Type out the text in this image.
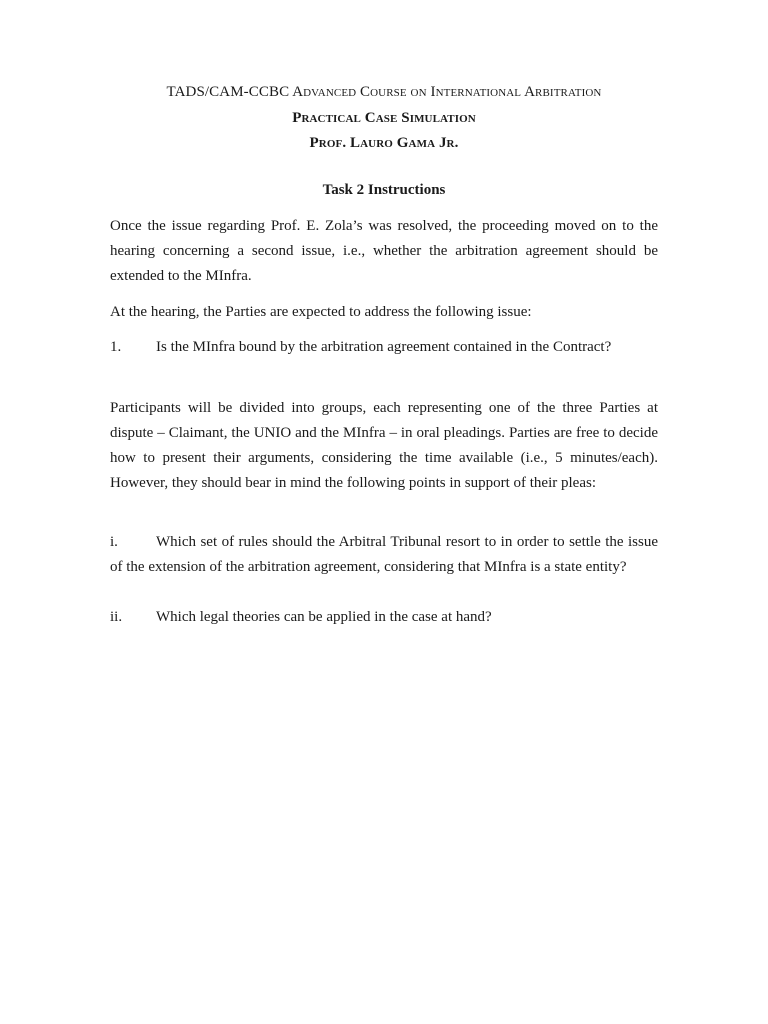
TADS/CAM-CCBC Advanced Course on International Arbitration
Practical Case Simulation
Prof. Lauro Gama Jr.
Task 2 Instructions

Once the issue regarding Prof. E. Zola’s was resolved, the proceeding moved on to the hearing concerning a second issue, i.e., whether the arbitration agreement should be extended to the MInfra.

At the hearing, the Parties are expected to address the following issue:

1.	Is the MInfra bound by the arbitration agreement contained in the Contract?

Participants will be divided into groups, each representing one of the three Parties at dispute – Claimant, the UNIO and the MInfra – in oral pleadings. Parties are free to decide how to present their arguments, considering the time available (i.e., 5 minutes/each). However, they should bear in mind the following points in support of their pleas:

i.	Which set of rules should the Arbitral Tribunal resort to in order to settle the issue of the extension of the arbitration agreement, considering that MInfra is a state entity?
ii.	Which legal theories can be applied in the case at hand?
